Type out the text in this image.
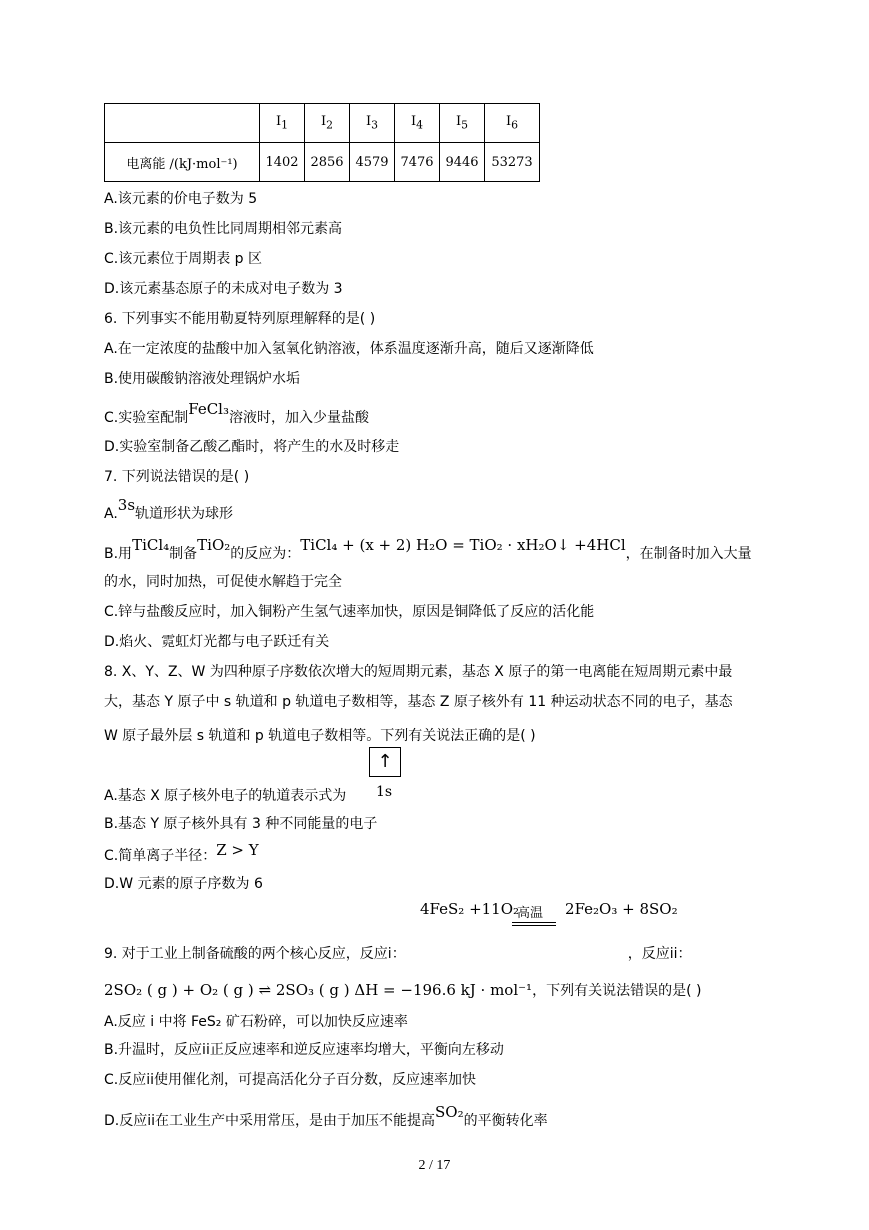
	$I_1$	$I_2$	$I_3$	$I_4$	$I_5$	$I_6$
电离能 /(kJ·mol⁻¹)	1402	2856	4579	7476	9446	53273
A.该元素的价电子数为 5
B.该元素的电负性比同周期相邻元素高
C.该元素位于周期表 p 区
D.该元素基态原子的未成对电子数为 3
6. 下列事实不能用勒夏特列原理解释的是( )
A.在一定浓度的盐酸中加入氢氧化钠溶液，体系温度逐渐升高，随后又逐渐降低
B.使用碳酸钠溶液处理锅炉水垢
C.实验室配制FeCl₃溶液时，加入少量盐酸
D.实验室制备乙酸乙酯时，将产生的水及时移走
7. 下列说法错误的是( )
A.3s轨道形状为球形
B.用TiCl₄制备TiO₂的反应为：TiCl₄ + (x + 2) H₂O = TiO₂ · xH₂O↓ +4HCl，在制备时加入大量
的水，同时加热，可促使水解趋于完全
C.锌与盐酸反应时，加入铜粉产生氢气速率加快，原因是铜降低了反应的活化能
D.焰火、霓虹灯光都与电子跃迁有关
8. X、Y、Z、W 为四种原子序数依次增大的短周期元素，基态 X 原子的第一电离能在短周期元素中最
大，基态 Y 原子中 s 轨道和 p 轨道电子数相等，基态 Z 原子核外有 11 种运动状态不同的电子，基态
W 原子最外层 s 轨道和 p 轨道电子数相等。下列有关说法正确的是( )
↑
1s
A.基态 X 原子核外电子的轨道表示式为
B.基态 Y 原子核外具有 3 种不同能量的电子
C.简单离子半径：Z > Y
D.W 元素的原子序数为 6
4FeS₂ +11O₂	2Fe₂O₃ + 8SO₂
高温
9. 对于工业上制备硫酸的两个核心反应，反应i：	，反应ii：
2SO₂ ( g ) + O₂ ( g ) ⇌ 2SO₃ ( g ) ΔH = −196.6 kJ · mol⁻¹，下列有关说法错误的是( )
A.反应 i 中将 FeS₂ 矿石粉碎，可以加快反应速率
B.升温时，反应ii正反应速率和逆反应速率均增大，平衡向左移动
C.反应ii使用催化剂，可提高活化分子百分数，反应速率加快
D.反应ii在工业生产中采用常压，是由于加压不能提高SO₂的平衡转化率
2 / 17
